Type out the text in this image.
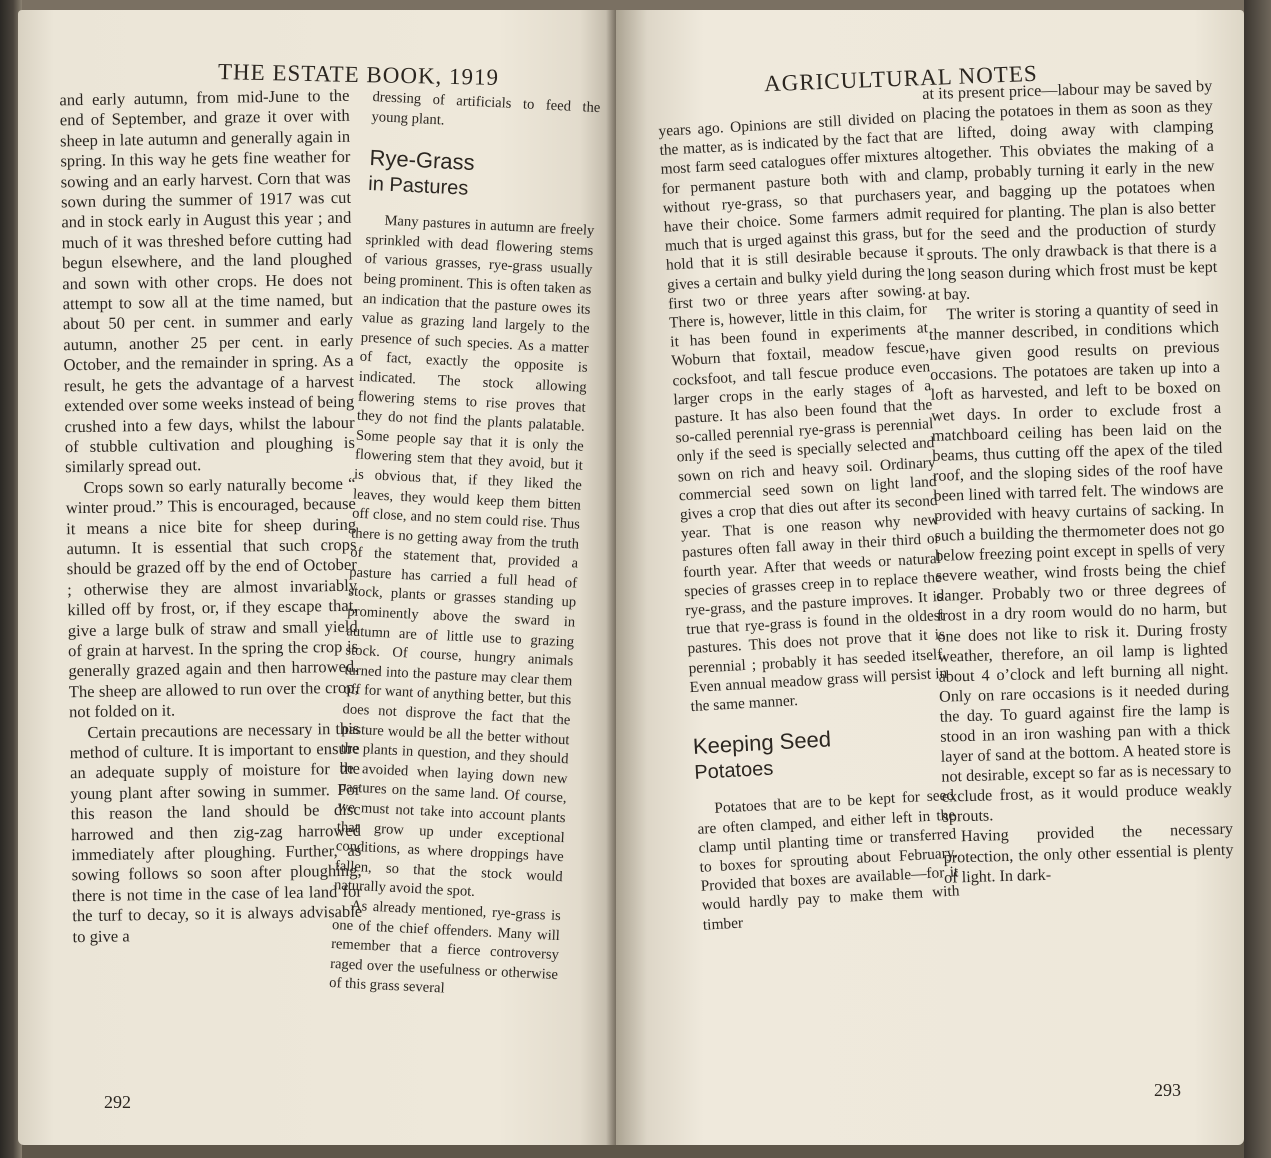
THE ESTATE BOOK, 1919

and early autumn, from mid-June to the end of September, and graze it over with sheep in late autumn and generally again in spring. In this way he gets fine weather for sowing and an early harvest. Corn that was sown during the summer of 1917 was cut and in stock early in August this year ; and much of it was threshed before cutting had begun elsewhere, and the land ploughed and sown with other crops. He does not attempt to sow all at the time named, but about 50 per cent. in summer and early autumn, another 25 per cent. in early October, and the remainder in spring. As a result, he gets the advantage of a harvest extended over some weeks instead of being crushed into a few days, whilst the labour of stubble cultivation and ploughing is similarly spread out.

Crops sown so early naturally become “ winter proud.” This is encouraged, because it means a nice bite for sheep during autumn. It is essential that such crops should be grazed off by the end of October ; otherwise they are almost invariably killed off by frost, or, if they escape that, give a large bulk of straw and small yield of grain at harvest. In the spring the crop is generally grazed again and then harrowed. The sheep are allowed to run over the crop, not folded on it.

Certain precautions are necessary in this method of culture. It is important to ensure an adequate supply of moisture for the young plant after sowing in summer. For this reason the land should be disc harrowed and then zig-zag harrowed immediately after ploughing. Further, as sowing follows so soon after ploughing, there is not time in the case of lea land for the turf to decay, so it is always advisable to give a

dressing of artificials to feed the young plant.

Rye-Grass
in Pastures

Many pastures in autumn are freely sprinkled with dead flowering stems of various grasses, rye-grass usually being prominent. This is often taken as an indication that the pasture owes its value as grazing land largely to the presence of such species. As a matter of fact, exactly the opposite is indicated. The stock allowing flowering stems to rise proves that they do not find the plants palatable. Some people say that it is only the flowering stem that they avoid, but it is obvious that, if they liked the leaves, they would keep them bitten off close, and no stem could rise. Thus there is no getting away from the truth of the statement that, provided a pasture has carried a full head of stock, plants or grasses standing up prominently above the sward in autumn are of little use to grazing stock. Of course, hungry animals turned into the pasture may clear them off for want of anything better, but this does not disprove the fact that the pasture would be all the better without the plants in question, and they should be avoided when laying down new pastures on the same land. Of course, we must not take into account plants that grow up under exceptional conditions, as where droppings have fallen, so that the stock would naturally avoid the spot.

As already mentioned, rye-grass is one of the chief offenders. Many will remember that a fierce controversy raged over the usefulness or otherwise of this grass several

292
AGRICULTURAL NOTES

years ago. Opinions are still divided on the matter, as is indicated by the fact that most farm seed catalogues offer mixtures for permanent pasture both with and without rye-grass, so that purchasers have their choice. Some farmers admit much that is urged against this grass, but hold that it is still desirable because it gives a certain and bulky yield during the first two or three years after sowing. There is, however, little in this claim, for it has been found in experiments at Woburn that foxtail, meadow fescue, cocksfoot, and tall fescue produce even larger crops in the early stages of a pasture. It has also been found that the so-called perennial rye-grass is perennial only if the seed is specially selected and sown on rich and heavy soil. Ordinary commercial seed sown on light land gives a crop that dies out after its second year. That is one reason why new pastures often fall away in their third or fourth year. After that weeds or natural species of grasses creep in to replace the rye-grass, and the pasture improves. It is true that rye-grass is found in the oldest pastures. This does not prove that it is perennial ; probably it has seeded itself. Even annual meadow grass will persist in the same manner.

Keeping Seed
Potatoes

Potatoes that are to be kept for seed are often clamped, and either left in the clamp until planting time or transferred to boxes for sprouting about February. Provided that boxes are available—for it would hardly pay to make them with timber

at its present price—labour may be saved by placing the potatoes in them as soon as they are lifted, doing away with clamping altogether. This obviates the making of a clamp, probably turning it early in the new year, and bagging up the potatoes when required for planting. The plan is also better for the seed and the production of sturdy sprouts. The only drawback is that there is a long season during which frost must be kept at bay.

The writer is storing a quantity of seed in the manner described, in conditions which have given good results on previous occasions. The potatoes are taken up into a loft as harvested, and left to be boxed on wet days. In order to exclude frost a matchboard ceiling has been laid on the beams, thus cutting off the apex of the tiled roof, and the sloping sides of the roof have been lined with tarred felt. The windows are provided with heavy curtains of sacking. In such a building the thermometer does not go below freezing point except in spells of very severe weather, wind frosts being the chief danger. Probably two or three degrees of frost in a dry room would do no harm, but one does not like to risk it. During frosty weather, therefore, an oil lamp is lighted about 4 o’clock and left burning all night. Only on rare occasions is it needed during the day. To guard against fire the lamp is stood in an iron washing pan with a thick layer of sand at the bottom. A heated store is not desirable, except so far as is necessary to exclude frost, as it would produce weakly sprouts.

Having provided the necessary protection, the only other essential is plenty of light. In dark-

293
